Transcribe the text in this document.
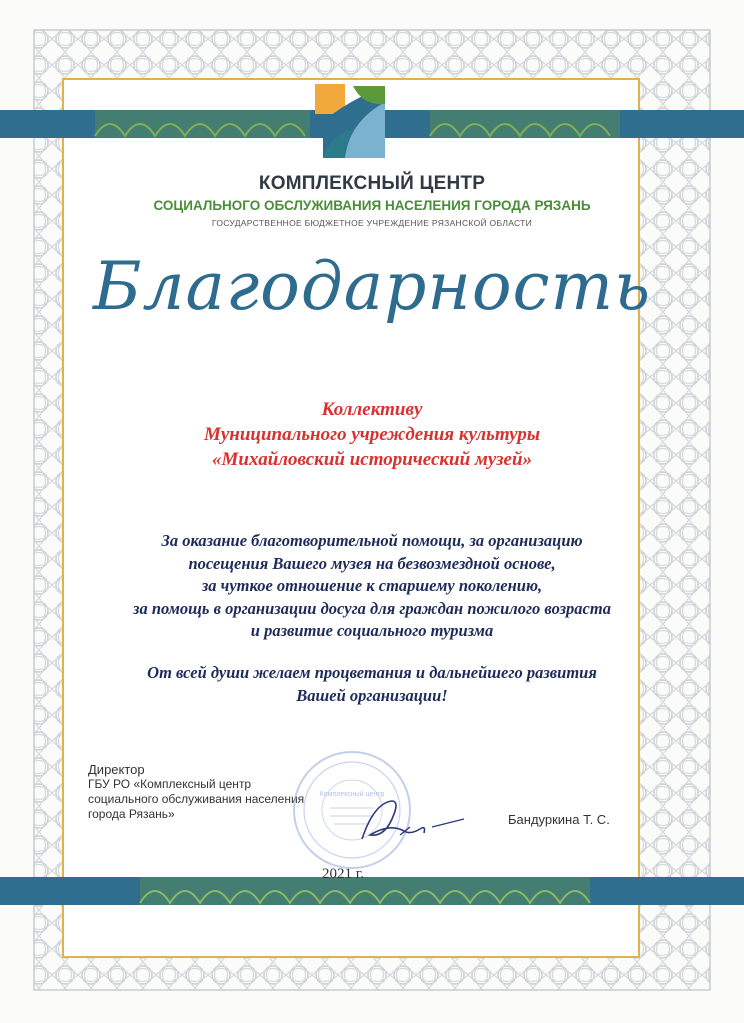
КОМПЛЕКСНЫЙ ЦЕНТР
СОЦИАЛЬНОГО ОБСЛУЖИВАНИЯ НАСЕЛЕНИЯ ГОРОДА РЯЗАНЬ
ГОСУДАРСТВЕННОЕ БЮДЖЕТНОЕ УЧРЕЖДЕНИЕ РЯЗАНСКОЙ ОБЛАСТИ
Благодарность
Коллективу
Муниципального учреждения культуры
«Михайловский исторический музей»
За оказание благотворительной помощи, за организацию
посещения Вашего музея на безвозмездной основе,
за чуткое отношение к старшему поколению,
за помощь в организации досуга для граждан пожилого возраста
и развитие социального туризма
От всей души желаем процветания и дальнейшего развития
Вашей организации!
Директор
ГБУ РО «Комплексный центр
социального обслуживания населения
города Рязань»
Комплексный центр
Бандуркина Т. С.
2021 г.
